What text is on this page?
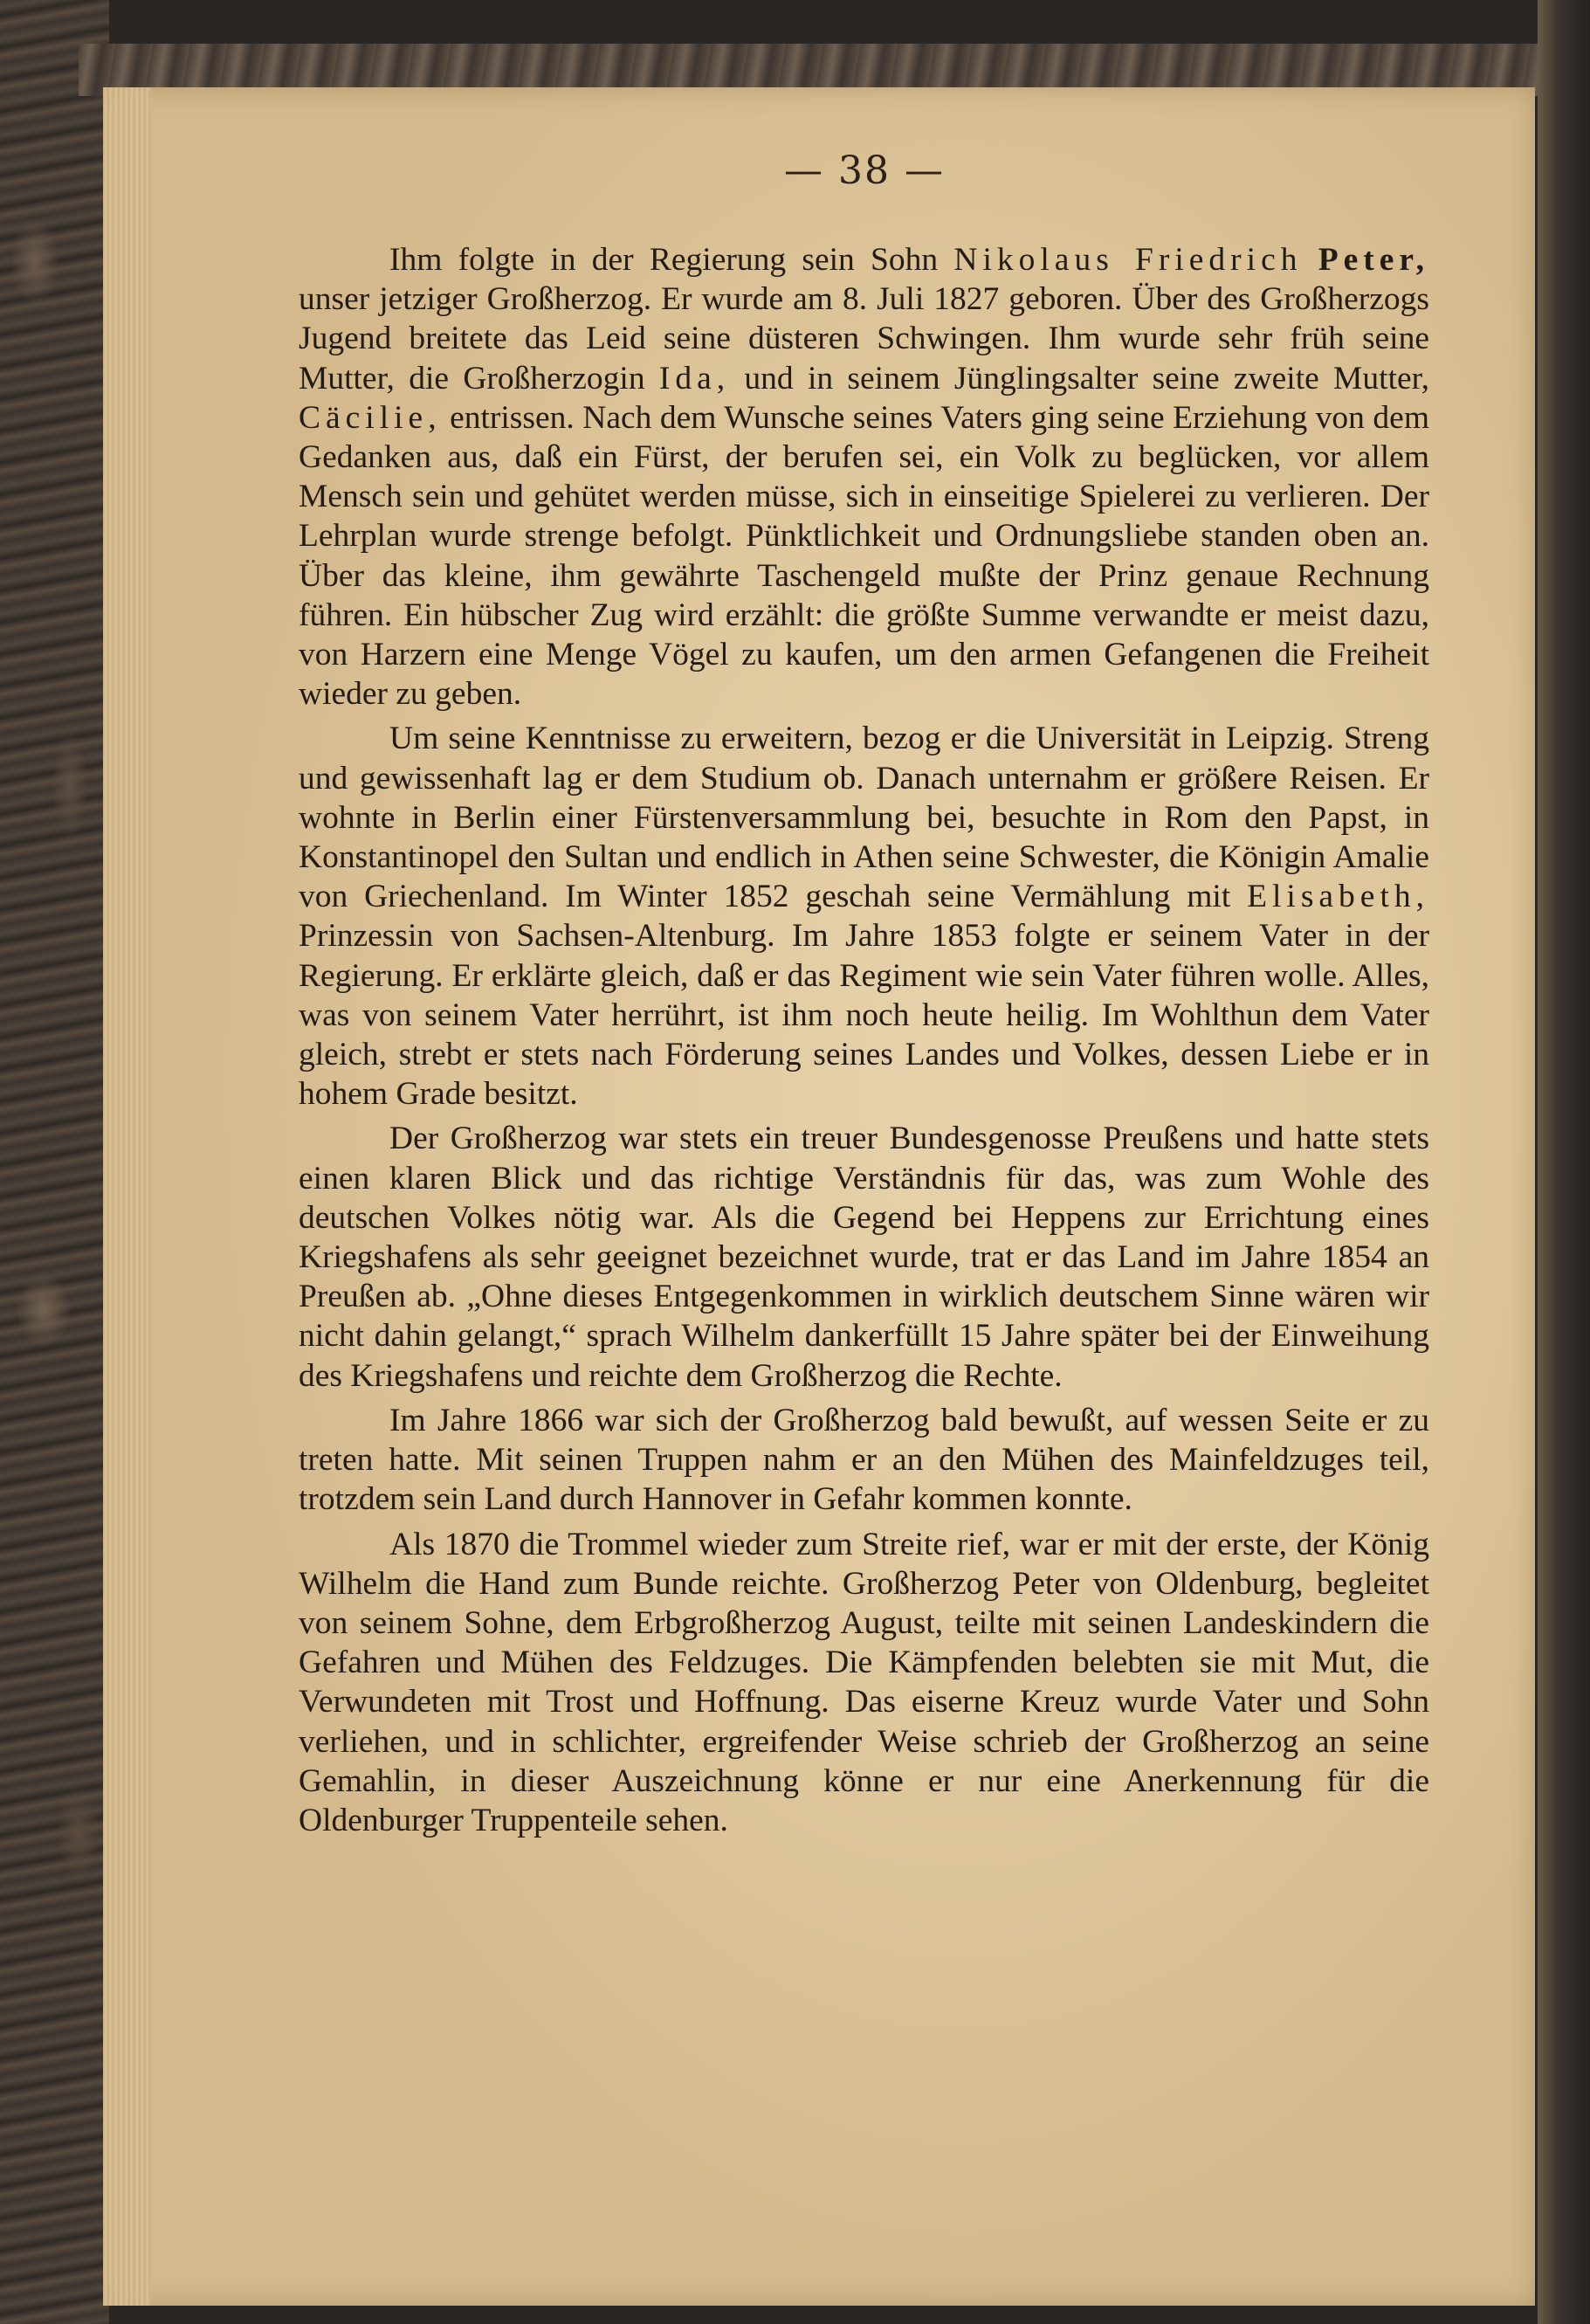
— 38 —

Ihm folgte in der Regierung sein Sohn Nikolaus Friedrich Peter, unser jetziger Großherzog. Er wurde am 8. Juli 1827 geboren. Über des Großherzogs Jugend breitete das Leid seine düsteren Schwingen. Ihm wurde sehr früh seine Mutter, die Großherzogin Ida, und in seinem Jünglingsalter seine zweite Mutter, Cäcilie, entrissen. Nach dem Wunsche seines Vaters ging seine Erziehung von dem Gedanken aus, daß ein Fürst, der berufen sei, ein Volk zu beglücken, vor allem Mensch sein und gehütet werden müsse, sich in einseitige Spielerei zu verlieren. Der Lehrplan wurde strenge befolgt. Pünktlichkeit und Ordnungsliebe standen oben an. Über das kleine, ihm gewährte Taschengeld mußte der Prinz genaue Rechnung führen. Ein hübscher Zug wird erzählt: die größte Summe verwandte er meist dazu, von Harzern eine Menge Vögel zu kaufen, um den armen Gefangenen die Freiheit wieder zu geben.

Um seine Kenntnisse zu erweitern, bezog er die Universität in Leipzig. Streng und gewissenhaft lag er dem Studium ob. Danach unternahm er größere Reisen. Er wohnte in Berlin einer Fürstenversammlung bei, besuchte in Rom den Papst, in Konstantinopel den Sultan und endlich in Athen seine Schwester, die Königin Amalie von Griechenland. Im Winter 1852 geschah seine Vermählung mit Elisabeth, Prinzessin von Sachsen-Altenburg. Im Jahre 1853 folgte er seinem Vater in der Regierung. Er erklärte gleich, daß er das Regiment wie sein Vater führen wolle. Alles, was von seinem Vater herrührt, ist ihm noch heute heilig. Im Wohlthun dem Vater gleich, strebt er stets nach Förderung seines Landes und Volkes, dessen Liebe er in hohem Grade besitzt.

Der Großherzog war stets ein treuer Bundesgenosse Preußens und hatte stets einen klaren Blick und das richtige Verständnis für das, was zum Wohle des deutschen Volkes nötig war. Als die Gegend bei Heppens zur Errichtung eines Kriegshafens als sehr geeignet bezeichnet wurde, trat er das Land im Jahre 1854 an Preußen ab. „Ohne dieses Entgegenkommen in wirklich deutschem Sinne wären wir nicht dahin gelangt,“ sprach Wilhelm dankerfüllt 15 Jahre später bei der Einweihung des Kriegshafens und reichte dem Großherzog die Rechte.

Im Jahre 1866 war sich der Großherzog bald bewußt, auf wessen Seite er zu treten hatte. Mit seinen Truppen nahm er an den Mühen des Mainfeldzuges teil, trotzdem sein Land durch Hannover in Gefahr kommen konnte.

Als 1870 die Trommel wieder zum Streite rief, war er mit der erste, der König Wilhelm die Hand zum Bunde reichte. Großherzog Peter von Oldenburg, begleitet von seinem Sohne, dem Erbgroßherzog August, teilte mit seinen Landeskindern die Gefahren und Mühen des Feldzuges. Die Kämpfenden belebten sie mit Mut, die Verwundeten mit Trost und Hoffnung. Das eiserne Kreuz wurde Vater und Sohn verliehen, und in schlichter, ergreifender Weise schrieb der Großherzog an seine Gemahlin, in dieser Auszeichnung könne er nur eine Anerkennung für die Oldenburger Truppenteile sehen.
